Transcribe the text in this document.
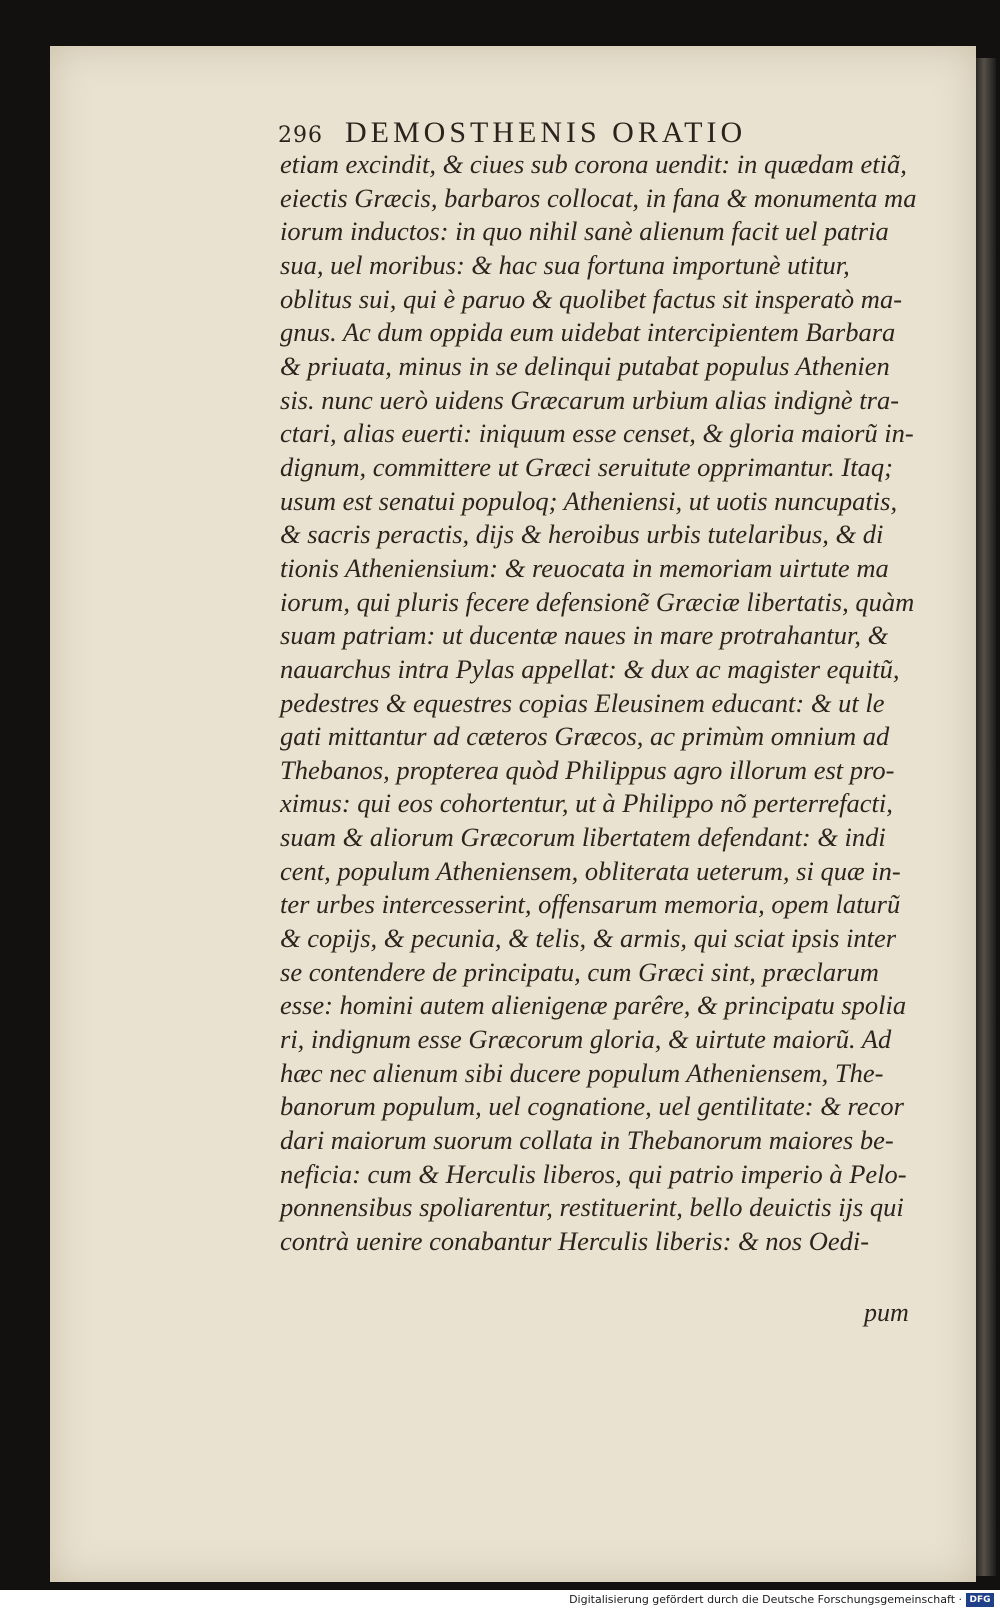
296 DEMOSTHENIS ORATIO
etiam excindit, & ciues sub corona uendit: in quædam etiã,
eiectis Græcis, barbaros collocat, in fana & monumenta ma
iorum inductos: in quo nihil sanè alienum facit uel patria
sua, uel moribus: & hac sua fortuna importunè utitur,
oblitus sui, qui è paruo & quolibet factus sit insperatò ma-
gnus. Ac dum oppida eum uidebat intercipientem Barbara
& priuata, minus in se delinqui putabat populus Athenien
sis. nunc uerò uidens Græcarum urbium alias indignè tra-
ctari, alias euerti: iniquum esse censet, & gloria maiorũ in-
dignum, committere ut Græci seruitute opprimantur. Itaq;
usum est senatui populoq; Atheniensi, ut uotis nuncupatis,
& sacris peractis, dijs & heroibus urbis tutelaribus, & di
tionis Atheniensium: & reuocata in memoriam uirtute ma
iorum, qui pluris fecere defensionẽ Græciæ libertatis, quàm
suam patriam: ut ducentæ naues in mare protrahantur, &
nauarchus intra Pylas appellat: & dux ac magister equitũ,
pedestres & equestres copias Eleusinem educant: & ut le
gati mittantur ad cæteros Græcos, ac primùm omnium ad
Thebanos, propterea quòd Philippus agro illorum est pro-
ximus: qui eos cohortentur, ut à Philippo nõ perterrefacti,
suam & aliorum Græcorum libertatem defendant: & indi
cent, populum Atheniensem, obliterata ueterum, si quæ in-
ter urbes intercesserint, offensarum memoria, opem laturũ
& copijs, & pecunia, & telis, & armis, qui sciat ipsis inter
se contendere de principatu, cum Græci sint, præclarum
esse: homini autem alienigenæ parêre, & principatu spolia
ri, indignum esse Græcorum gloria, & uirtute maiorũ. Ad
hæc nec alienum sibi ducere populum Atheniensem, The-
banorum populum, uel cognatione, uel gentilitate: & recor
dari maiorum suorum collata in Thebanorum maiores be-
neficia: cum & Herculis liberos, qui patrio imperio à Pelo-
ponnensibus spoliarentur, restituerint, bello deuictis ijs qui
contrà uenire conabantur Herculis liberis: & nos Oedi-
pum
Digitalisierung gefördert durch die Deutsche Forschungsgemeinschaft · DFG
